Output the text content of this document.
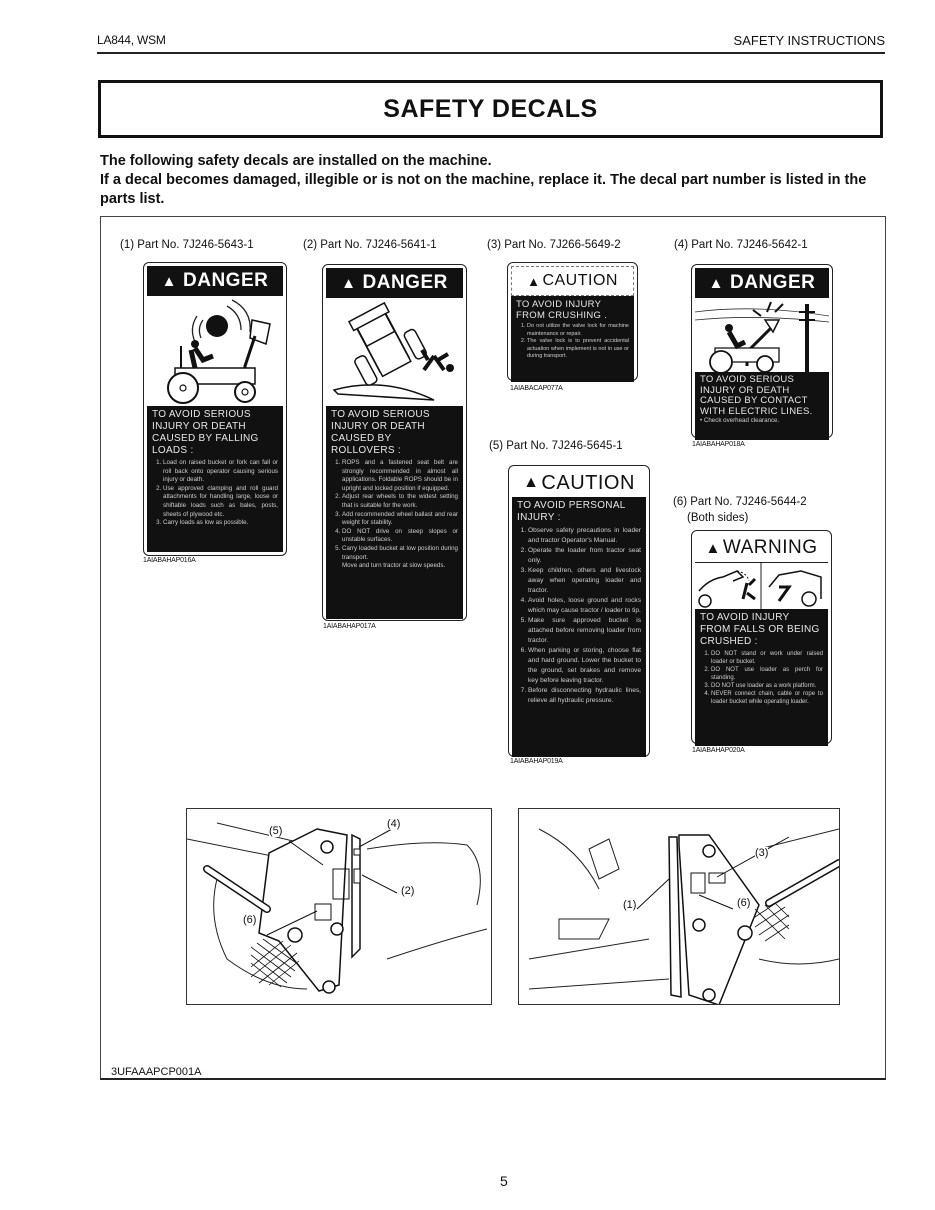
LA844, WSM	SAFETY INSTRUCTIONS
SAFETY DECALS

The following safety decals are installed on the machine.

If a decal becomes damaged, illegible or is not on the machine, replace it. The decal part number is listed in the parts list.

(1) Part No. 7J246-5643-1
▲ DANGER
TO AVOID SERIOUS INJURY OR DEATH CAUSED BY FALLING LOADS :
1. Load on raised bucket or fork can fall or roll back onto operator causing serious injury or death.
2. Use approved clamping and roll guard attachments for handling large, loose or shiftable loads such as bales, posts, sheets of plywood etc.
3. Carry loads as low as possible.
1AIABAHAP016A
(2) Part No. 7J246-5641-1
▲ DANGER
TO AVOID SERIOUS INJURY OR DEATH CAUSED BY ROLLOVERS :
1. ROPS and a fastened seat belt are strongly recommended in almost all applications. Foldable ROPS should be in upright and locked position if equipped.
2. Adjust rear wheels to the widest setting that is suitable for the work.
3. Add recommended wheel ballast and rear weight for stability.
4. DO NOT drive on steep slopes or unstable surfaces.
5. Carry loaded bucket at low position during transport.
Move and turn tractor at slow speeds.
1AIABAHAP017A
(3) Part No. 7J266-5649-2
▲ CAUTION
TO AVOID INJURY FROM CRUSHING .
1. Do not utilize the valve lock for machine maintenance or repair.
2. The valve lock is to prevent accidental actuation when implement is not in use or during transport.
1AIABACAP077A
(4) Part No. 7J246-5642-1
▲ DANGER
TO AVOID SERIOUS INJURY OR DEATH CAUSED BY CONTACT WITH ELECTRIC LINES.
• Check overhead clearance.
1AIABAHAP018A
(5) Part No. 7J246-5645-1
▲ CAUTION
TO AVOID PERSONAL INJURY :
1. Observe safety precautions in loader and tractor Operator's Manual.
2. Operate the loader from tractor seat only.
3. Keep children, others and livestock away when operating loader and tractor.
4. Avoid holes, loose ground and rocks which may cause tractor / loader to tip.
5. Make sure approved bucket is attached before removing loader from tractor.
6. When parking or storing, choose flat and hard ground. Lower the bucket to the ground, set brakes and remove key before leaving tractor.
7. Before disconnecting hydraulic lines, relieve all hydraulic pressure.
1AIABAHAP019A
(6) Part No. 7J246-5644-2
(Both sides)
▲ WARNING
TO AVOID INJURY FROM FALLS OR BEING CRUSHED :
1. DO NOT stand or work under raised loader or bucket.
2. DO NOT use loader as perch for standing.
3. DO NOT use loader as a work platform.
4. NEVER connect chain, cable or rope to loader bucket while operating loader.
1AIABAHAP020A
(5)
(4)
(2)
(6)
(3)
(1)	(6)
3UFAAAPCP001A
5
